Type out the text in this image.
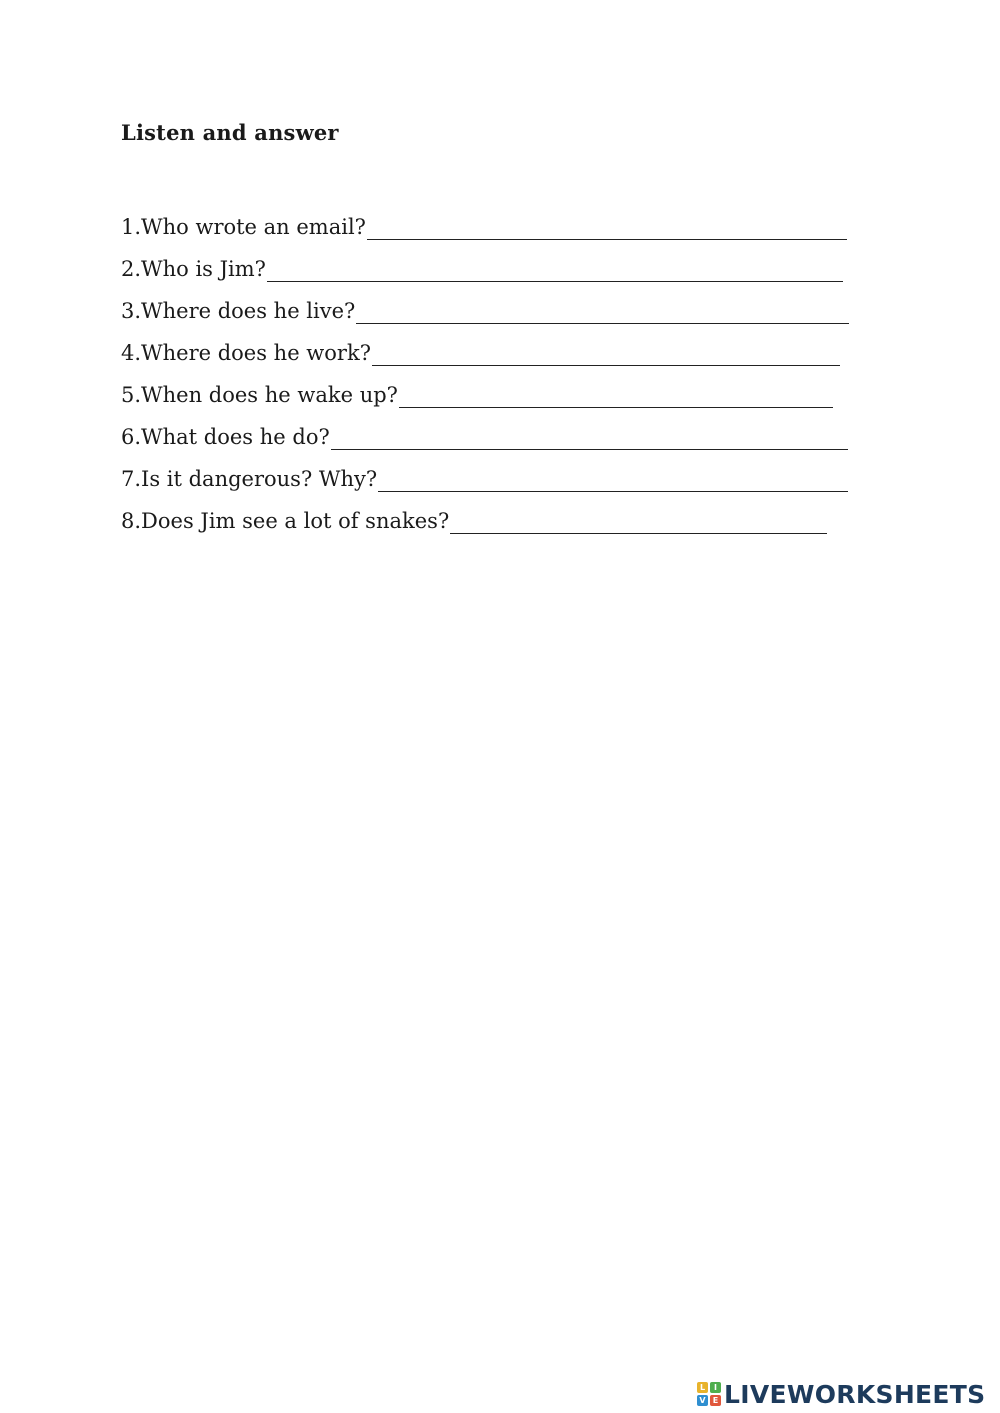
Listen and answer
1.Who wrote an email?
2.Who is Jim?
3.Where does he live?
4.Where does he work?
5.When does he wake up?
6.What does he do?
7.Is it dangerous? Why?
8.Does Jim see a lot of snakes?
L	I
V E LIVEWORKSHEETS
